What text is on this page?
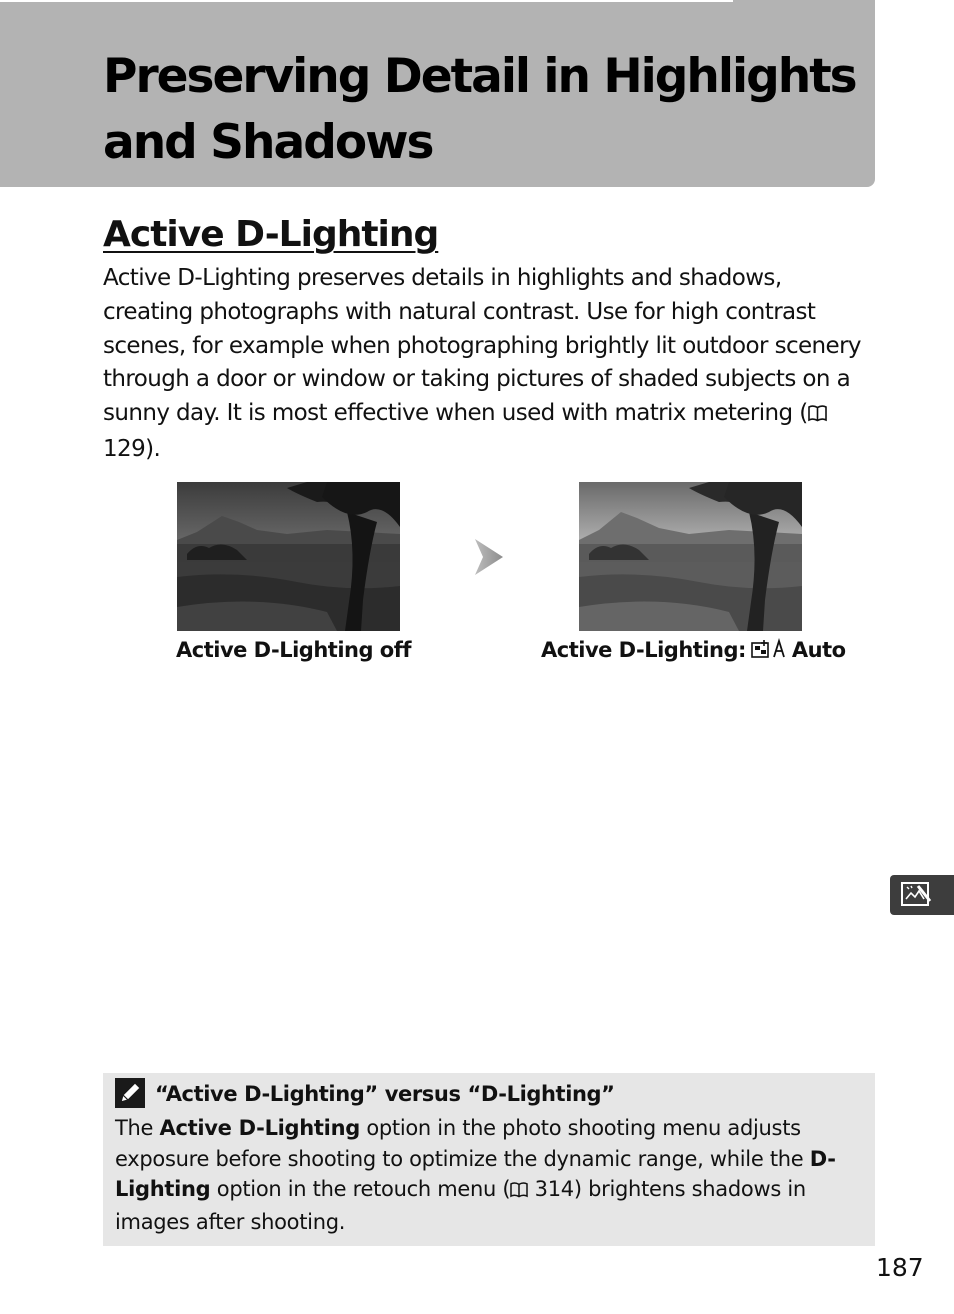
Preserving Detail in Highlights and Shadows
Active D-Lighting

Active D-Lighting preserves details in highlights and shadows, creating photographs with natural contrast. Use for high contrast scenes, for example when photographing brightly lit outdoor scenery through a door or window or taking pictures of shaded subjects on a sunny day. It is most effective when used with matrix metering ( 129).

Active D-Lighting off	Active D-Lighting: Auto
“Active D-Lighting” versus “D-Lighting”

The Active D-Lighting option in the photo shooting menu adjusts exposure before shooting to optimize the dynamic range, while the D-Lighting option in the retouch menu ( 314) brightens shadows in images after shooting.

187
